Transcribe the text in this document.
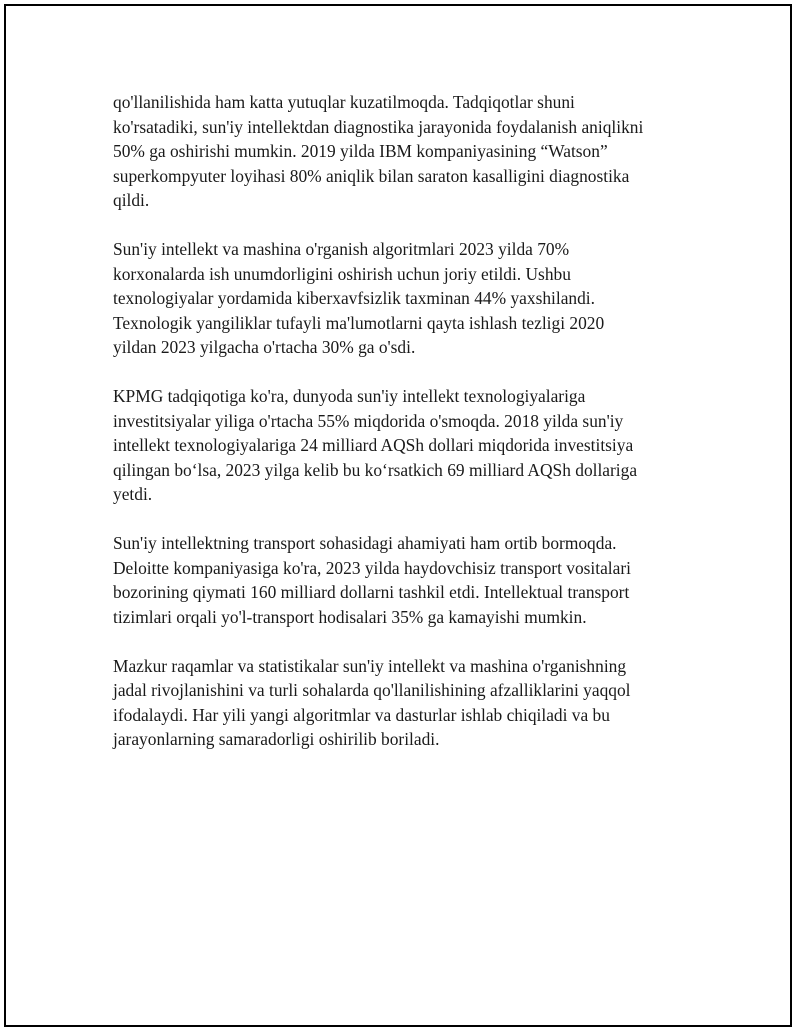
qo'llanilishida ham katta yutuqlar kuzatilmoqda. Tadqiqotlar shuni
ko'rsatadiki, sun'iy intellektdan diagnostika jarayonida foydalanish aniqlikni
50% ga oshirishi mumkin. 2019 yilda IBM kompaniyasining “Watson”
superkompyuter loyihasi 80% aniqlik bilan saraton kasalligini diagnostika
qildi.

Sun'iy intellekt va mashina o'rganish algoritmlari 2023 yilda 70%
korxonalarda ish unumdorligini oshirish uchun joriy etildi. Ushbu
texnologiyalar yordamida kiberxavfsizlik taxminan 44% yaxshilandi.
Texnologik yangiliklar tufayli ma'lumotlarni qayta ishlash tezligi 2020
yildan 2023 yilgacha o'rtacha 30% ga o'sdi.

KPMG tadqiqotiga ko'ra, dunyoda sun'iy intellekt texnologiyalariga
investitsiyalar yiliga o'rtacha 55% miqdorida o'smoqda. 2018 yilda sun'iy
intellekt texnologiyalariga 24 milliard AQSh dollari miqdorida investitsiya
qilingan bo‘lsa, 2023 yilga kelib bu ko‘rsatkich 69 milliard AQSh dollariga
yetdi.

Sun'iy intellektning transport sohasidagi ahamiyati ham ortib bormoqda.
Deloitte kompaniyasiga ko'ra, 2023 yilda haydovchisiz transport vositalari
bozorining qiymati 160 milliard dollarni tashkil etdi. Intellektual transport
tizimlari orqali yo'l-transport hodisalari 35% ga kamayishi mumkin.

Mazkur raqamlar va statistikalar sun'iy intellekt va mashina o'rganishning
jadal rivojlanishini va turli sohalarda qo'llanilishining afzalliklarini yaqqol
ifodalaydi. Har yili yangi algoritmlar va dasturlar ishlab chiqiladi va bu
jarayonlarning samaradorligi oshirilib boriladi.
